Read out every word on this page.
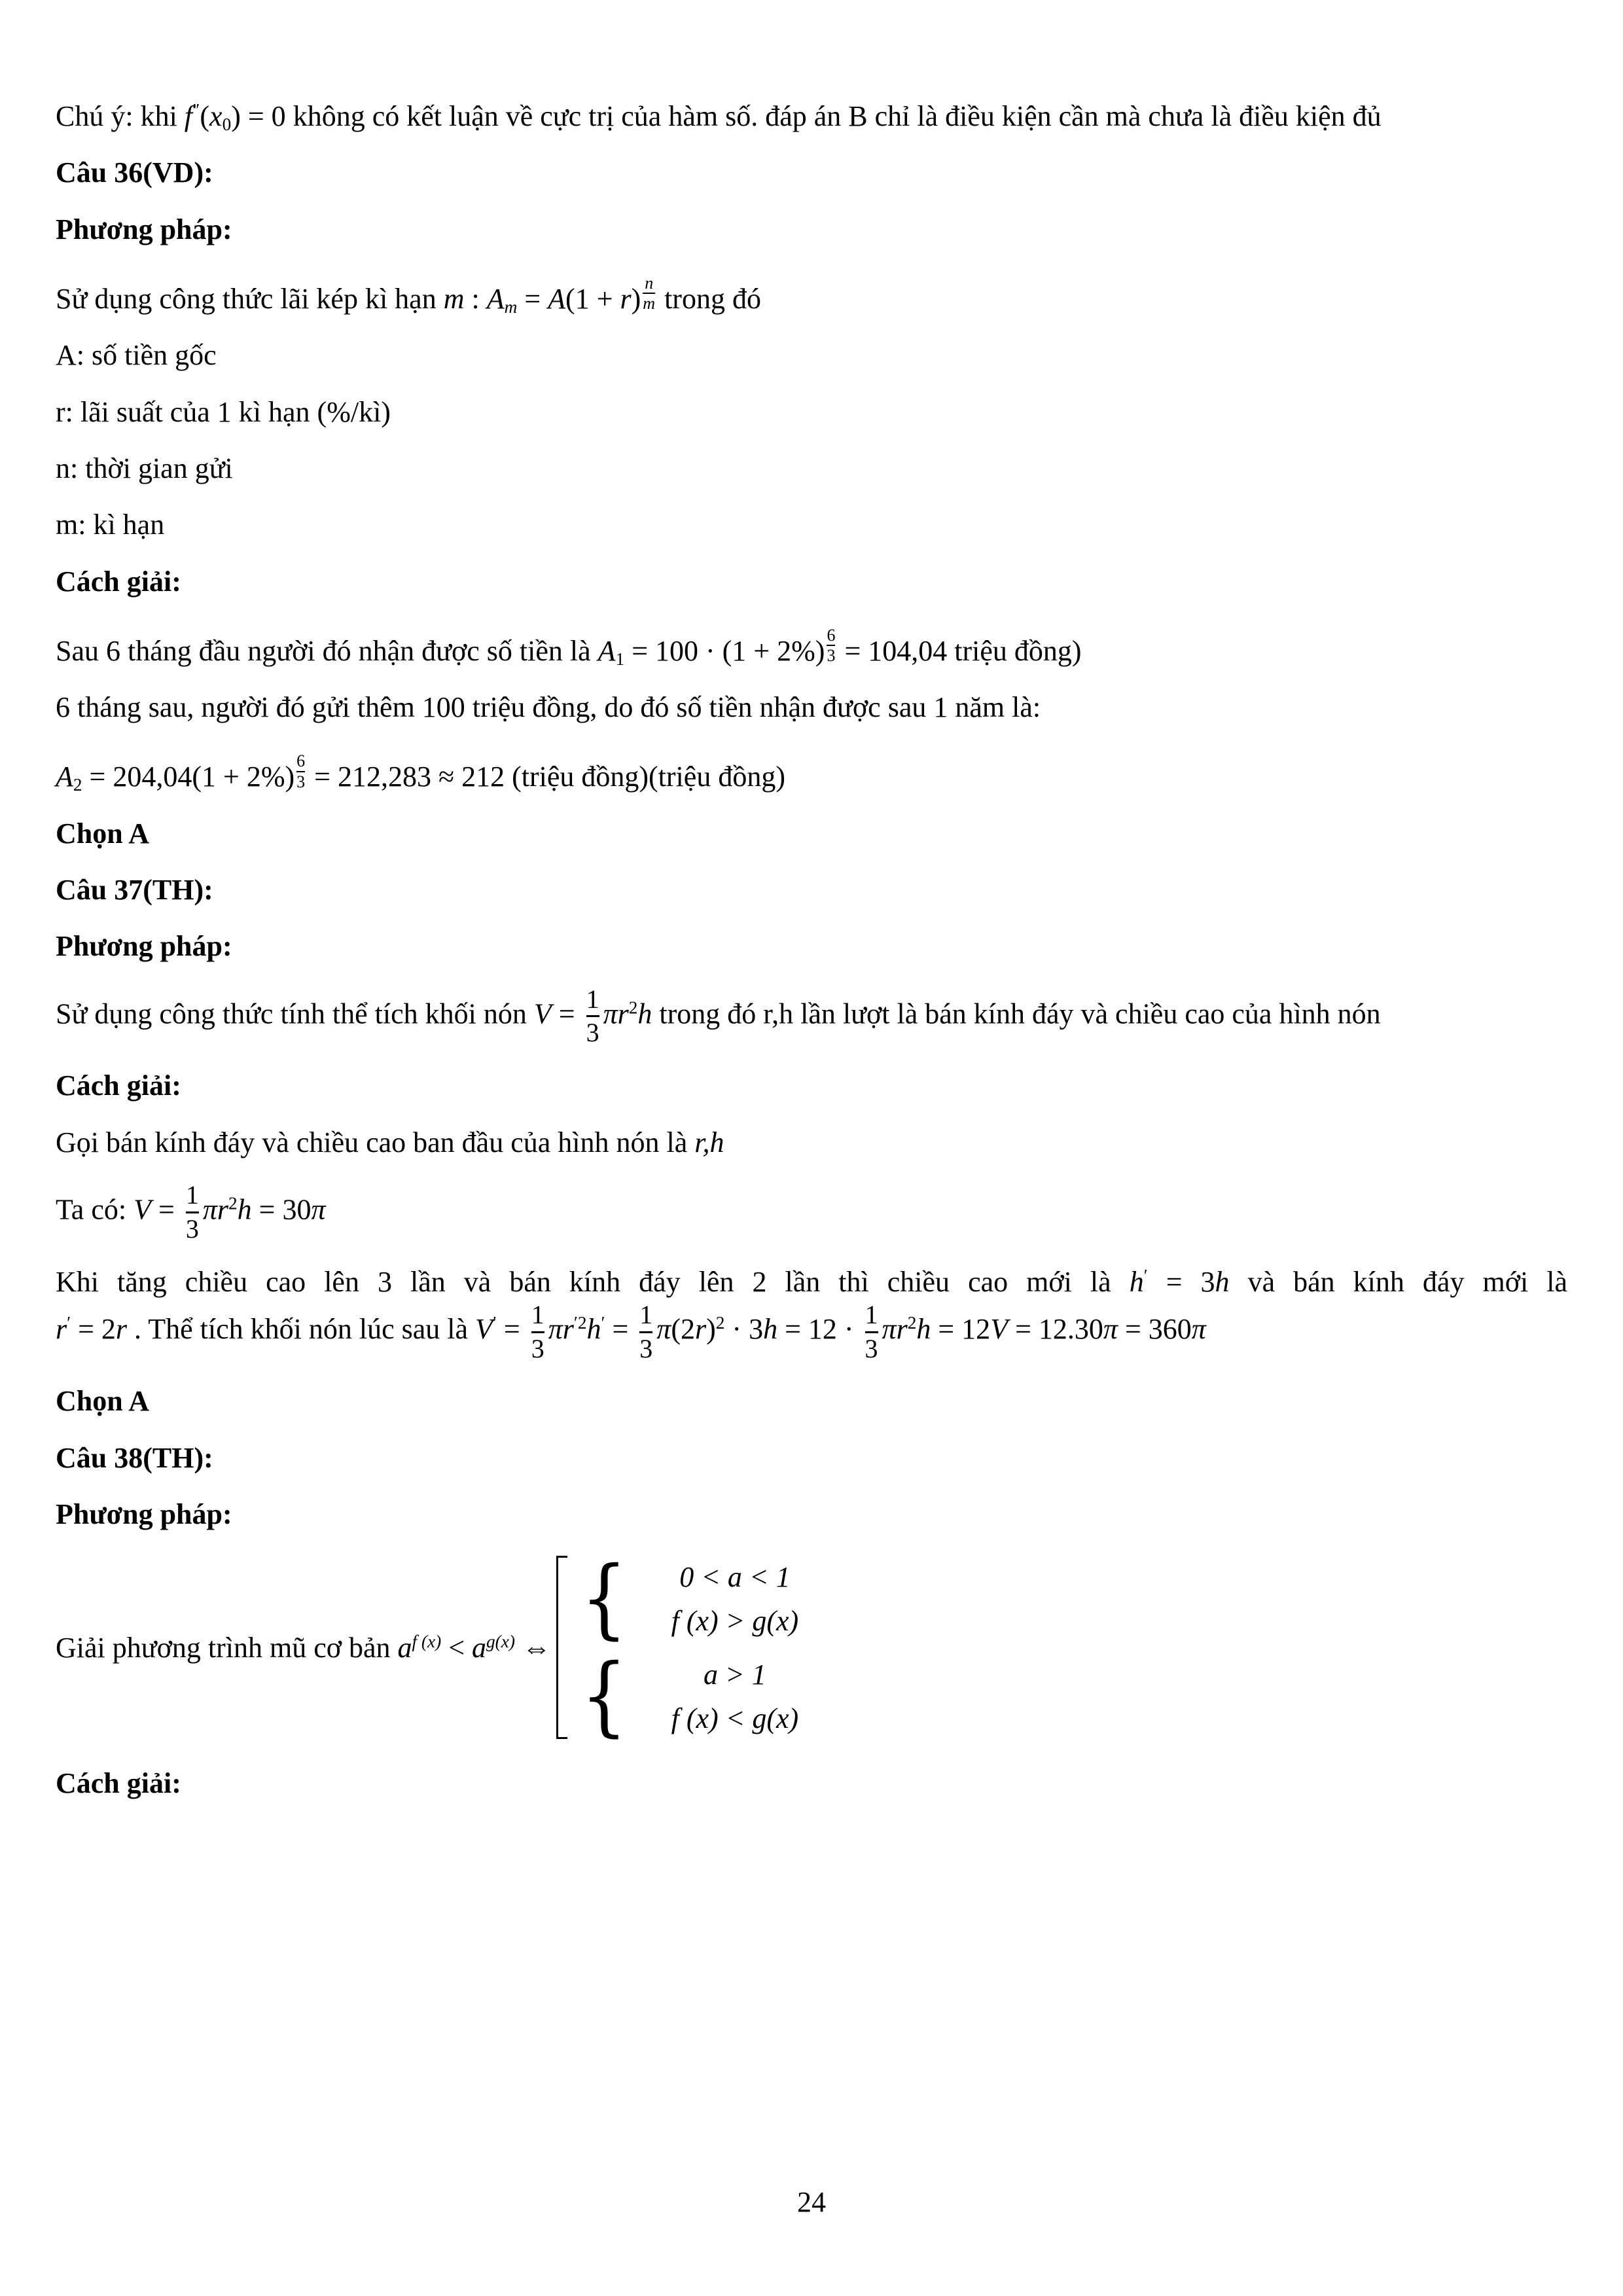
Chú ý: khi $f''(x_0) = 0$ không có kết luận về cực trị của hàm số. đáp án B chỉ là điều kiện cần mà chưa là điều kiện đủ

Câu 36(VD):

Phương pháp:

Sử dụng công thức lãi kép kì hạn m : $A_m = A(1 + r) \frac{n}{m}$ trong đó

A: số tiền gốc

r: lãi suất của 1 kì hạn (%/kì)

n: thời gian gửi

m: kì hạn

Cách giải:

Sau 6 tháng đầu người đó nhận được số tiền là $A_1 = 100 \cdot (1 + 2\%) \frac{6}{3} = 104,04$ triệu đồng)

6 tháng sau, người đó gửi thêm 100 triệu đồng, do đó số tiền nhận được sau 1 năm là:

$A_2 = 204,04(1 + 2\%) \frac{6}{3} = 212,283 \approx 212$ (triệu đồng)(triệu đồng)

Chọn A

Câu 37(TH):

Phương pháp:

Sử dụng công thức tính thể tích khối nón $V = \frac{1}{3} \pi r^2h$ trong đó r,h lần lượt là bán kính đáy và chiều cao của hình nón

Cách giải:

Gọi bán kính đáy và chiều cao ban đầu của hình nón là r,h

Ta có: $V = \frac{1}{3} \pi r^2h = 30\pi$

Khi tăng chiều cao lên 3 lần và bán kính đáy lên 2 lần thì chiều cao mới là h′ = 3h và bán kính đáy mới là r′ = 2r . Thể tích khối nón lúc sau là $V' = \frac{1}{3} \pi r^{'2}h' = \frac{1}{3} \pi(2r)^2 \cdot 3h = 12 \cdot \frac{1}{3} \pi r^2h = 12V = 12.30\pi = 360\pi$

Chọn A

Câu 38(TH):

Phương pháp:

Giải phương trình mũ cơ bản $a^{f (x)} < a^{g(x)}$ ⇔ { 0 < a < 1
f (x) > g(x)
{	a > 1
f (x) < g(x)

Cách giải:

24
